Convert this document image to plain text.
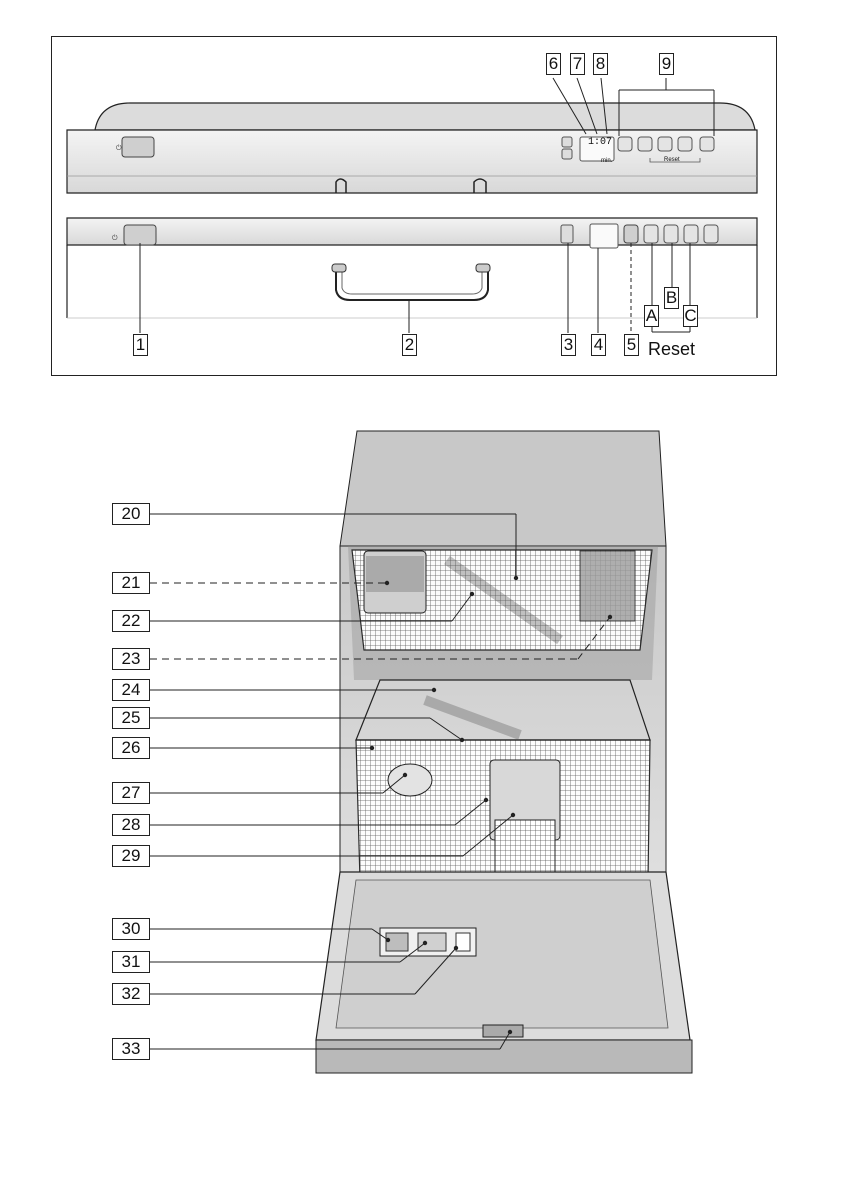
⏻
⏻
1:07
min.	Reset
6 7 8	9
1	2	3 4 5
A
B
C
Reset
20
21
22
23
24
25
26
27
28
29
30
31
32
33
